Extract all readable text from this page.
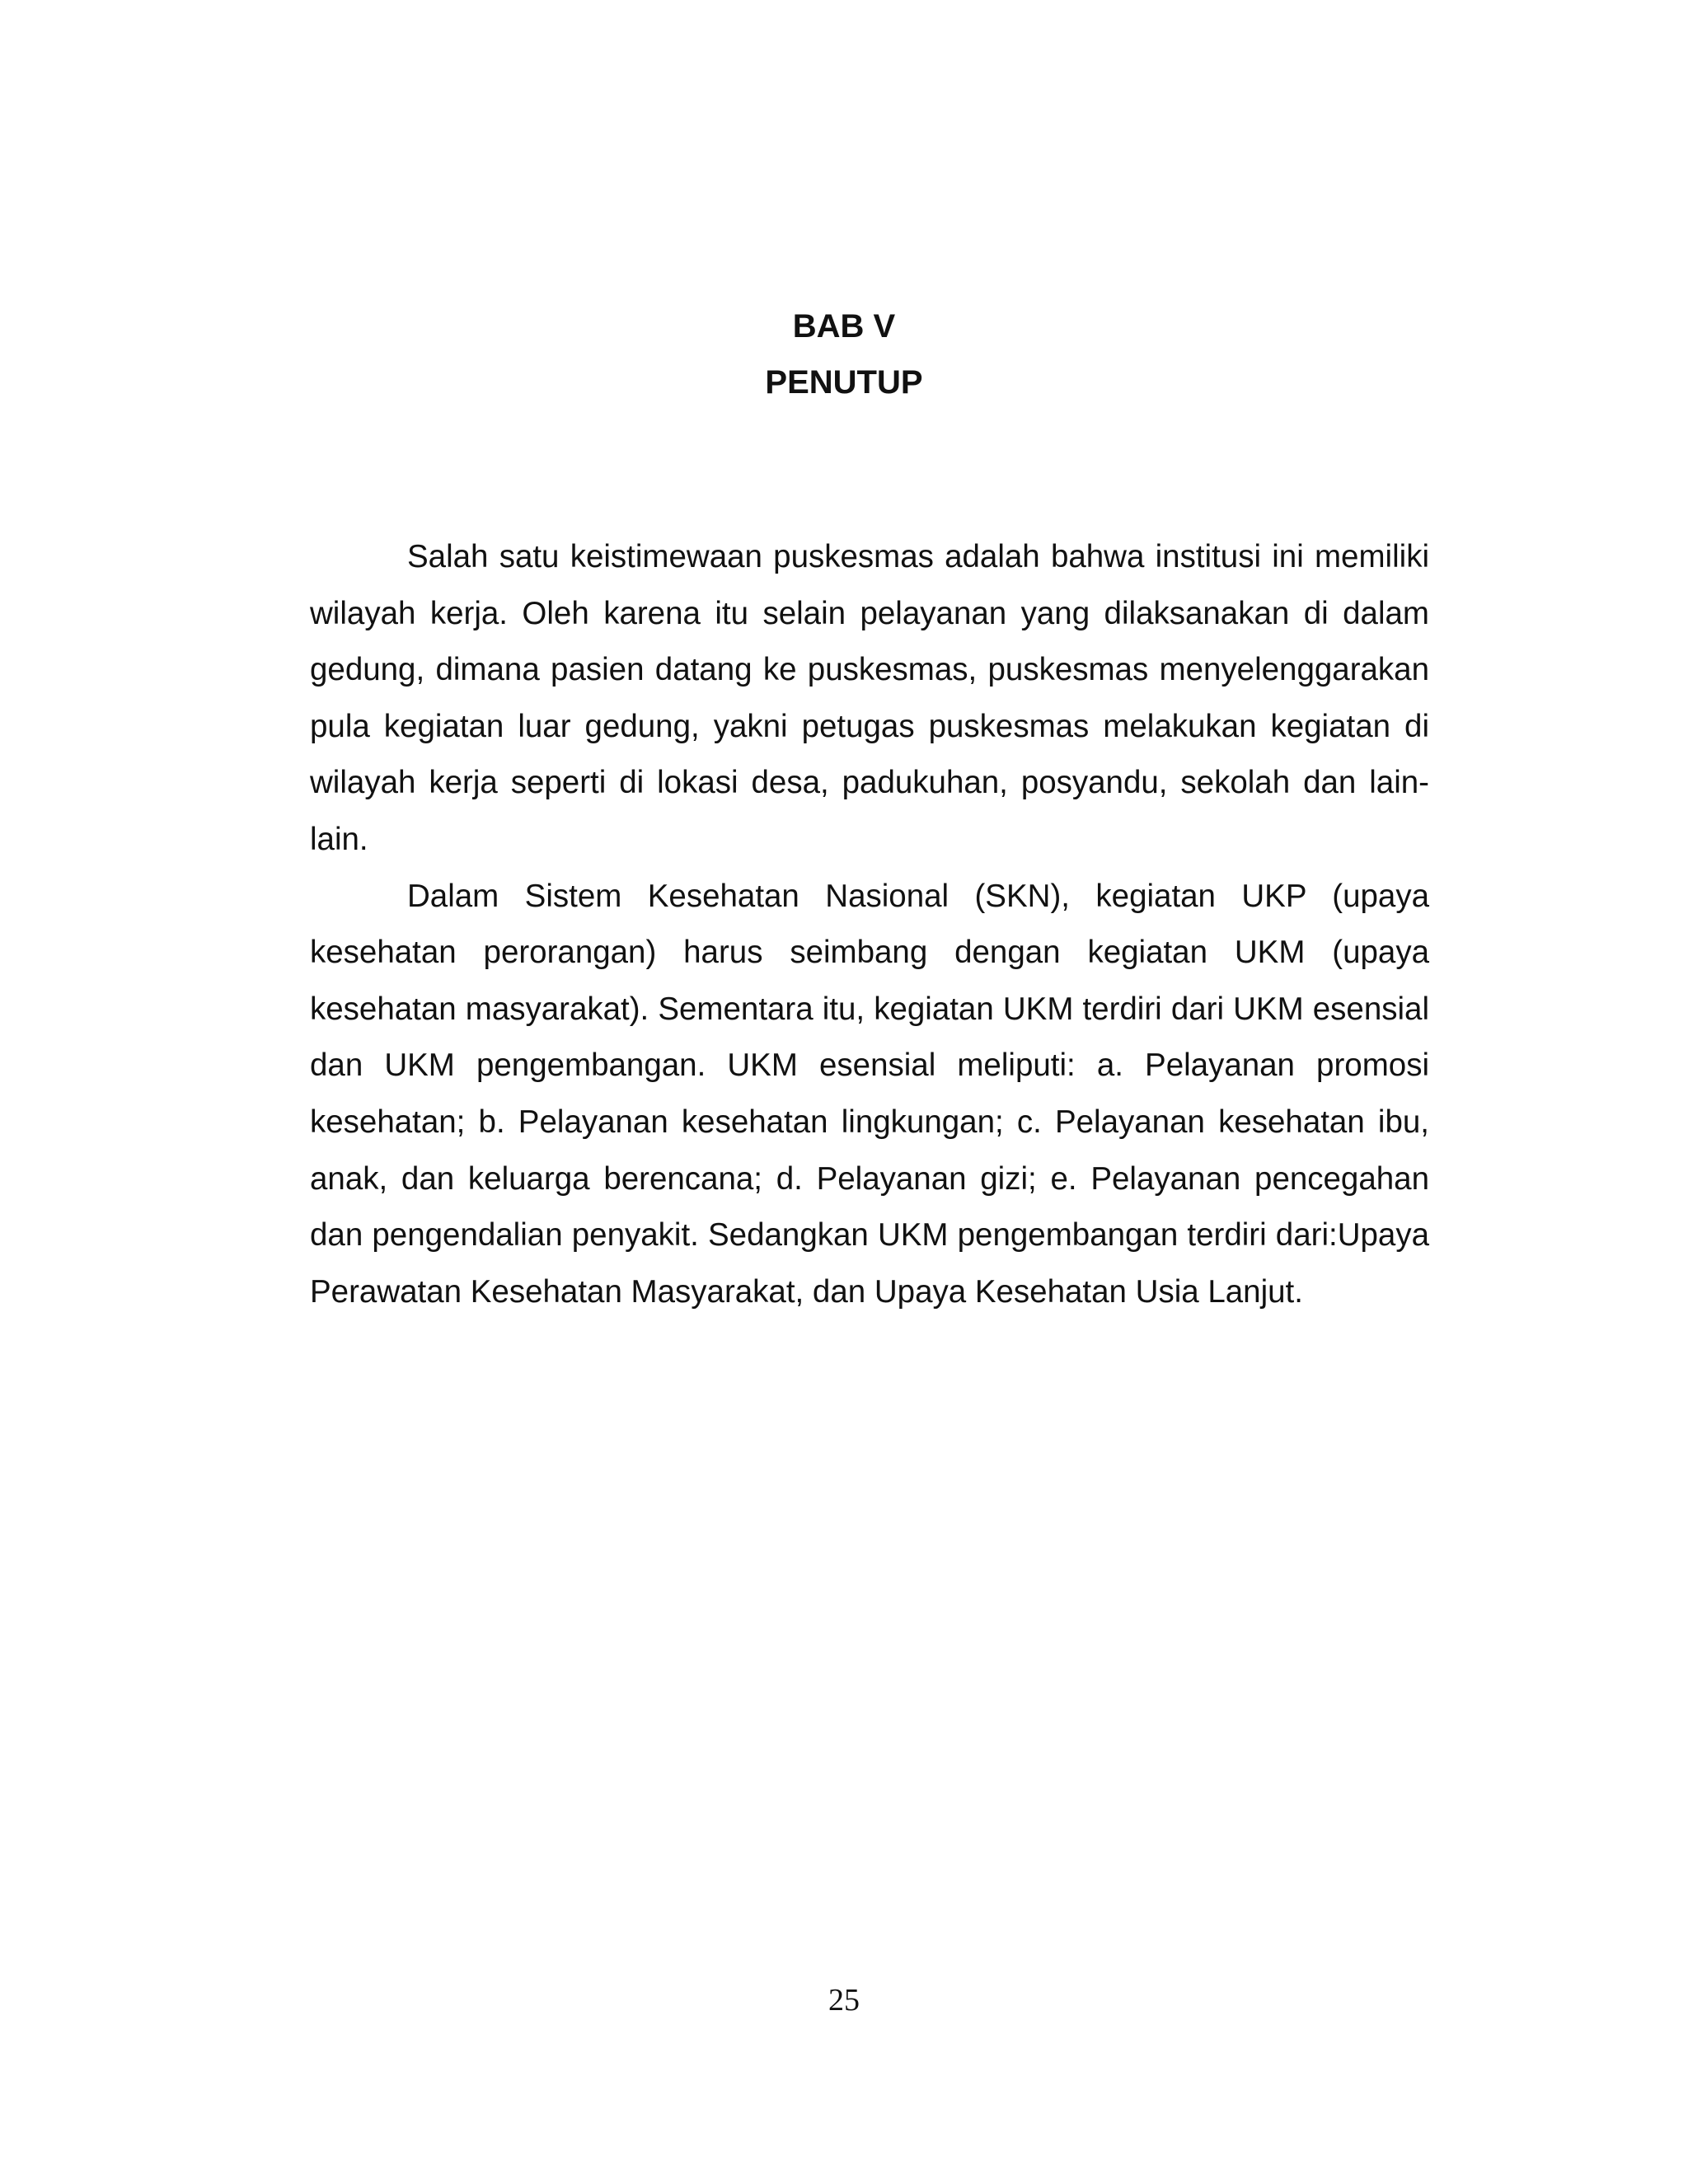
BAB V
PENUTUP

Salah satu keistimewaan puskesmas adalah bahwa institusi ini memiliki wilayah kerja. Oleh karena itu selain pelayanan yang dilaksanakan di dalam gedung, dimana pasien datang ke puskesmas, puskesmas menyelenggarakan pula kegiatan luar gedung, yakni petugas puskesmas melakukan kegiatan di wilayah kerja seperti di lokasi desa, padukuhan, posyandu, sekolah dan lain-lain.

Dalam Sistem Kesehatan Nasional (SKN), kegiatan UKP (upaya kesehatan perorangan) harus seimbang dengan kegiatan UKM (upaya kesehatan masyarakat). Sementara itu, kegiatan UKM terdiri dari UKM esensial dan UKM pengembangan. UKM esensial meliputi: a. Pelayanan promosi kesehatan; b. Pelayanan kesehatan lingkungan; c. Pelayanan kesehatan ibu, anak, dan keluarga berencana; d. Pelayanan gizi; e. Pelayanan pencegahan dan pengendalian penyakit. Sedangkan UKM pengembangan terdiri dari:Upaya Perawatan Kesehatan Masyarakat, dan Upaya Kesehatan Usia Lanjut.

25
